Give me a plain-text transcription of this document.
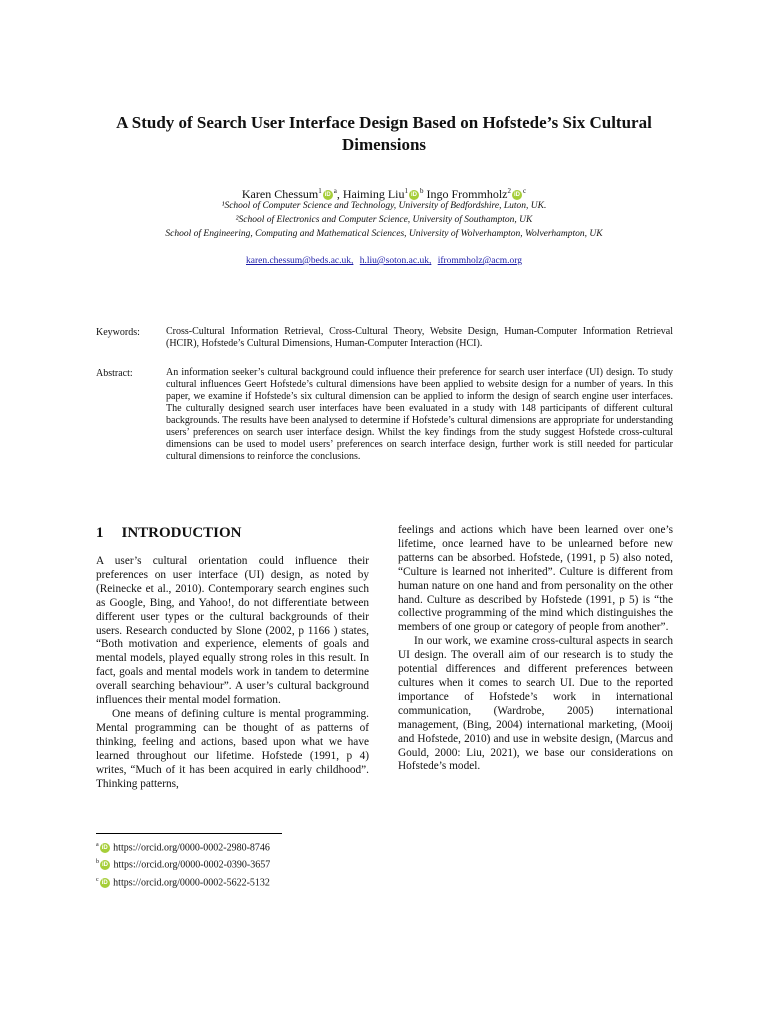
A Study of Search User Interface Design Based on Hofstede’s Six Cultural Dimensions
Karen $Chessum^1iD^a$, Haiming $Liu^1iD^b$ Ingo $Frommholz^2iD^c$
¹School of Computer Science and Technology, University of Bedfordshire, Luton, UK.
²School of Electronics and Computer Science, University of Southampton, UK
School of Engineering, Computing and Mathematical Sciences, University of Wolverhampton, Wolverhampton, UK
karen.chessum@beds.ac.uk, h.liu@soton.ac.uk, ifrommholz@acm.org
Keywords:	Cross-Cultural Information Retrieval, Cross-Cultural Theory, Website Design, Human-Computer Information Retrieval (HCIR), Hofstede’s Cultural Dimensions, Human-Computer Interaction (HCI).
Abstract:	An information seeker’s cultural background could influence their preference for search user interface (UI) design. To study cultural influences Geert Hofstede’s cultural dimensions have been applied to website design for a number of years. In this paper, we examine if Hofstede’s six cultural dimension can be applied to inform the design of search engine user interfaces. The culturally designed search user interfaces have been evaluated in a study with 148 participants of different cultural backgrounds. The results have been analysed to determine if Hofstede’s cultural dimensions are appropriate for understanding users’ preferences on search user interface design. Whilst the key findings from the study suggest Hofstede cross-cultural dimensions can be used to model users’ preferences on search interface design, further work is still needed for particular cultural dimensions to reinforce the conclusions.
1 INTRODUCTION

A user’s cultural orientation could influence their preferences on user interface (UI) design, as noted by (Reinecke et al., 2010). Contemporary search engines such as Google, Bing, and Yahoo!, do not differentiate between different user types or the cultural backgrounds of their users. Research conducted by Slone (2002, p 1166 ) states, “Both motivation and experience, elements of goals and mental models, played equally strong roles in this result. In fact, goals and mental models work in tandem to determine overall searching behaviour”. A user’s cultural background influences their mental model formation.

One means of defining culture is mental programming. Mental programming can be thought of as patterns of thinking, feeling and actions, based upon what we have learned throughout our lifetime. Hofstede (1991, p 4) writes, “Much of it has been acquired in early childhood”. Thinking patterns,

feelings and actions which have been learned over one’s lifetime, once learned have to be unlearned before new patterns can be absorbed. Hofstede, (1991, p 5) also noted, “Culture is learned not inherited”. Culture is different from human nature on one hand and from personality on the other hand. Culture as described by Hofstede (1991, p 5) is “the collective programming of the mind which distinguishes the members of one group or category of people from another”.

In our work, we examine cross-cultural aspects in search UI design. The overall aim of our research is to study the potential differences and different preferences between cultures when it comes to search UI. Due to the reported importance of Hofstede’s work in international communication, (Wardrobe, 2005) international management, (Bing, 2004) international marketing, (Mooij and Hofstede, 2010) and use in website design, (Marcus and Gould, 2000: Liu, 2021), we base our considerations on Hofstede’s model.

$^a$iD https://orcid.org/0000-0002-2980-8746
$^b$iD https://orcid.org/0000-0002-0390-3657
$^c$iD https://orcid.org/0000-0002-5622-5132
